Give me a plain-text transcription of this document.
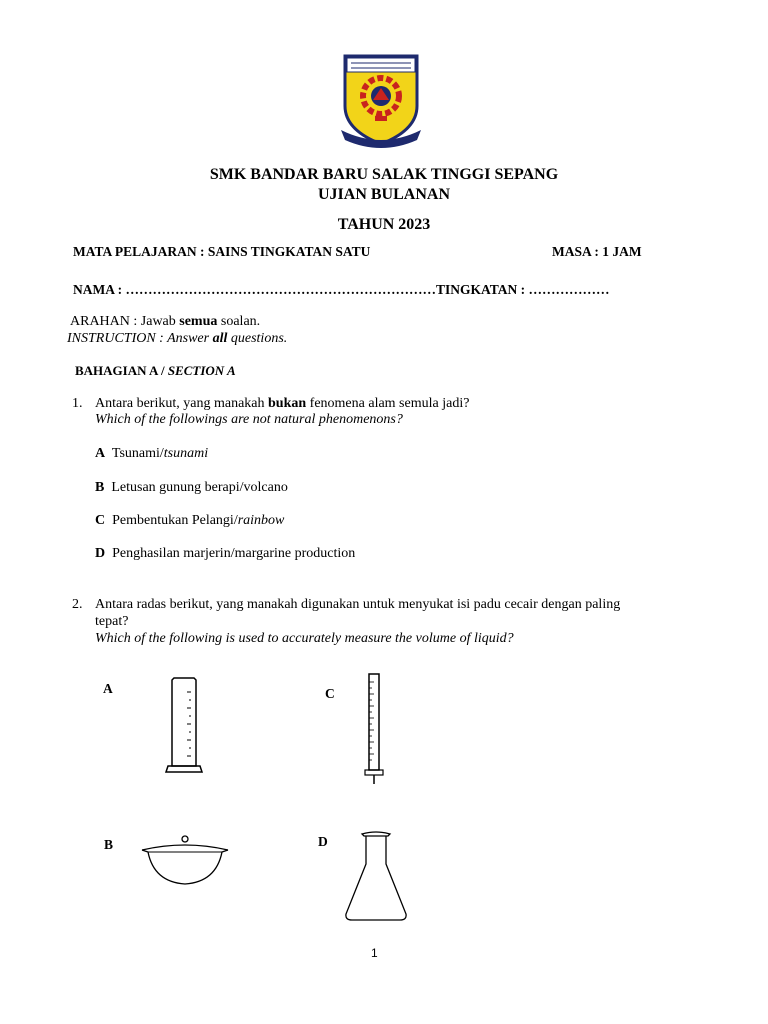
SMK BANDAR BARU SALAK TINGGI SEPANG
UJIAN BULANAN
TAHUN 2023
MATA PELAJARAN : SAINS TINGKATAN SATU	MASA : 1 JAM
NAMA : ……………………………………………………………TINGKATAN : ………………
ARAHAN : Jawab semua soalan.
INSTRUCTION : Answer all questions.
BAHAGIAN A / SECTION A
1. Antara berikut, yang manakah bukan fenomena alam semula jadi?
Which of the followings are not natural phenomenons?
A Tsunami/tsunami
B  Letusan gunung berapi/volcano
C Pembentukan Pelangi/rainbow
D Penghasilan marjerin/margarine production
2. Antara radas berikut, yang manakah digunakan untuk menyukat isi padu cecair dengan paling
tepat?
Which of the following is used to accurately measure the volume of liquid?
A	C
B	D
1
